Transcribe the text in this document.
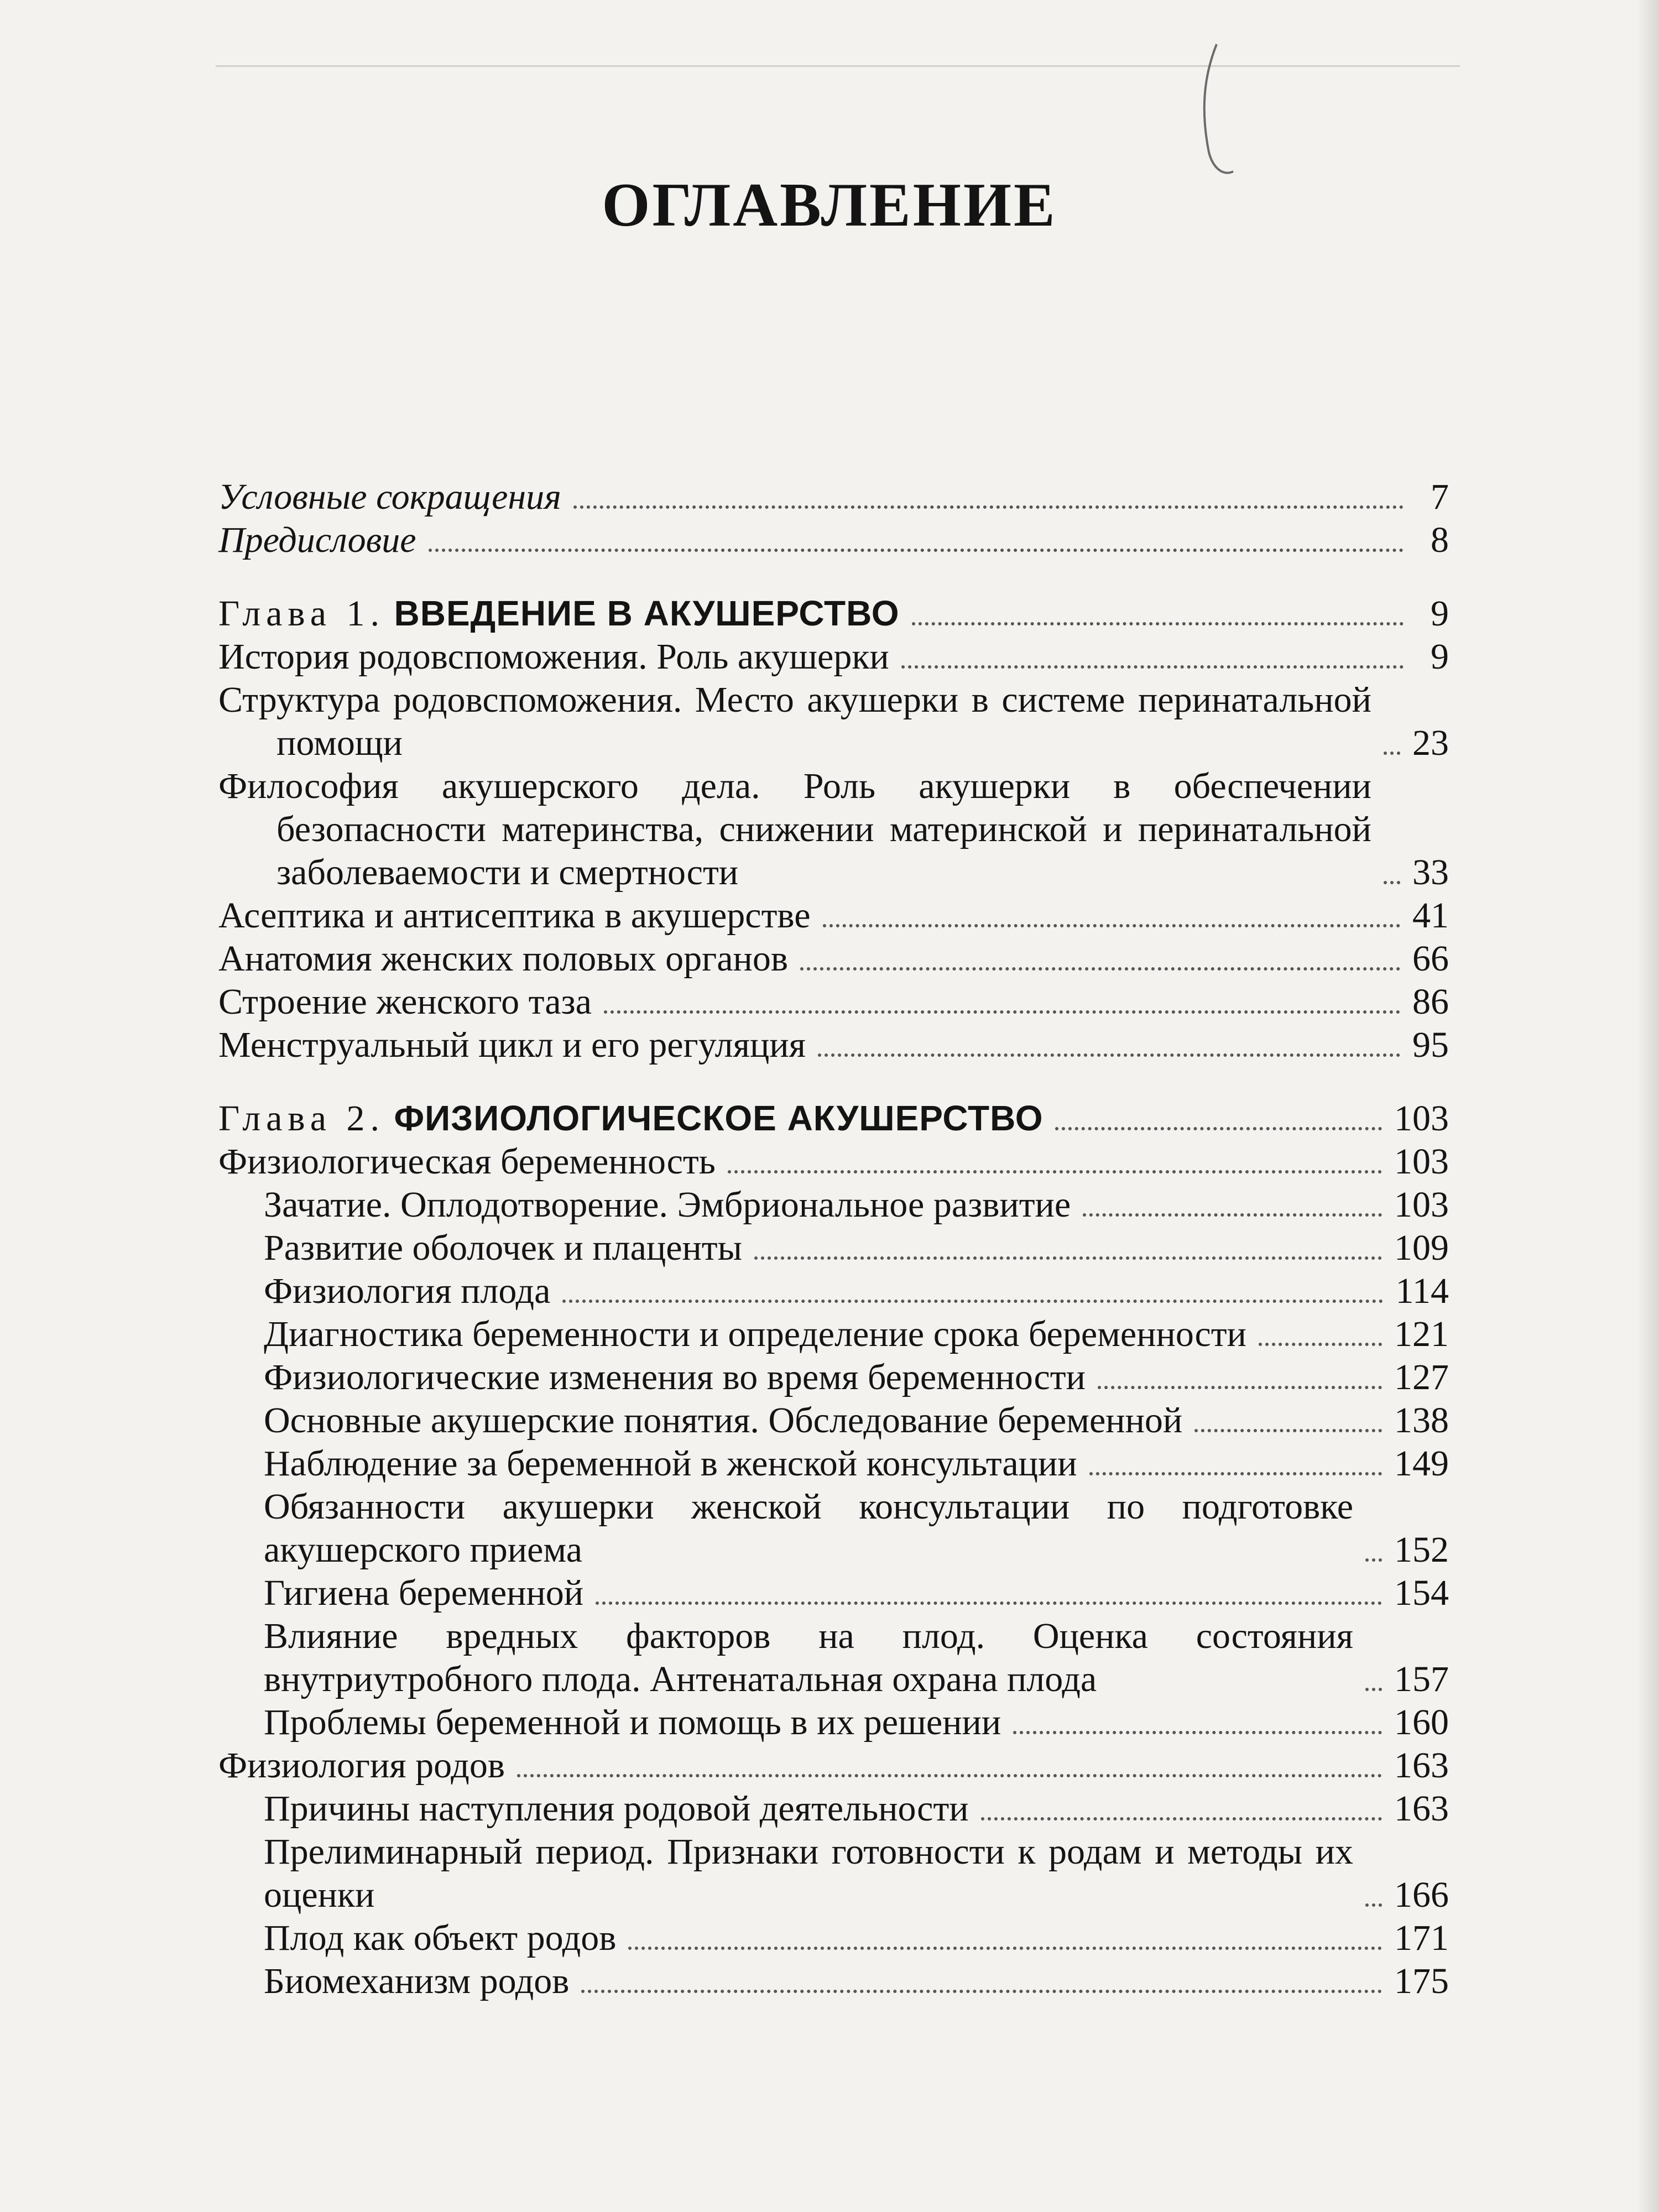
ОГЛАВЛЕНИЕ
Условные сокращения	7
Предисловие	8
Глава 1. ВВЕДЕНИЕ В АКУШЕРСТВО	9
История родовспоможения. Роль акушерки	9
Структура родовспоможения. Место акушерки в системе перинатальной помощи	23
Философия акушерского дела. Роль акушерки в обеспечении безопасности материнства, снижении материнской и перинатальной заболеваемости и смертности	33
Асептика и антисептика в акушерстве	41
Анатомия женских половых органов	66
Строение женского таза	86
Менструальный цикл и его регуляция	95
Глава 2. ФИЗИОЛОГИЧЕСКОЕ АКУШЕРСТВО	103
Физиологическая беременность	103
Зачатие. Оплодотворение. Эмбриональное развитие	103
Развитие оболочек и плаценты	109
Физиология плода	114
Диагностика беременности и определение срока беременности	121
Физиологические изменения во время беременности	127
Основные акушерские понятия. Обследование беременной	138
Наблюдение за беременной в женской консультации	149
Обязанности акушерки женской консультации по подготовке акушерского приема	152
Гигиена беременной	154
Влияние вредных факторов на плод. Оценка состояния внутриутробного плода. Антенатальная охрана плода	157
Проблемы беременной и помощь в их решении	160
Физиология родов	163
Причины наступления родовой деятельности	163
Прелиминарный период. Признаки готовности к родам и методы их оценки	166
Плод как объект родов	171
Биомеханизм родов	175
